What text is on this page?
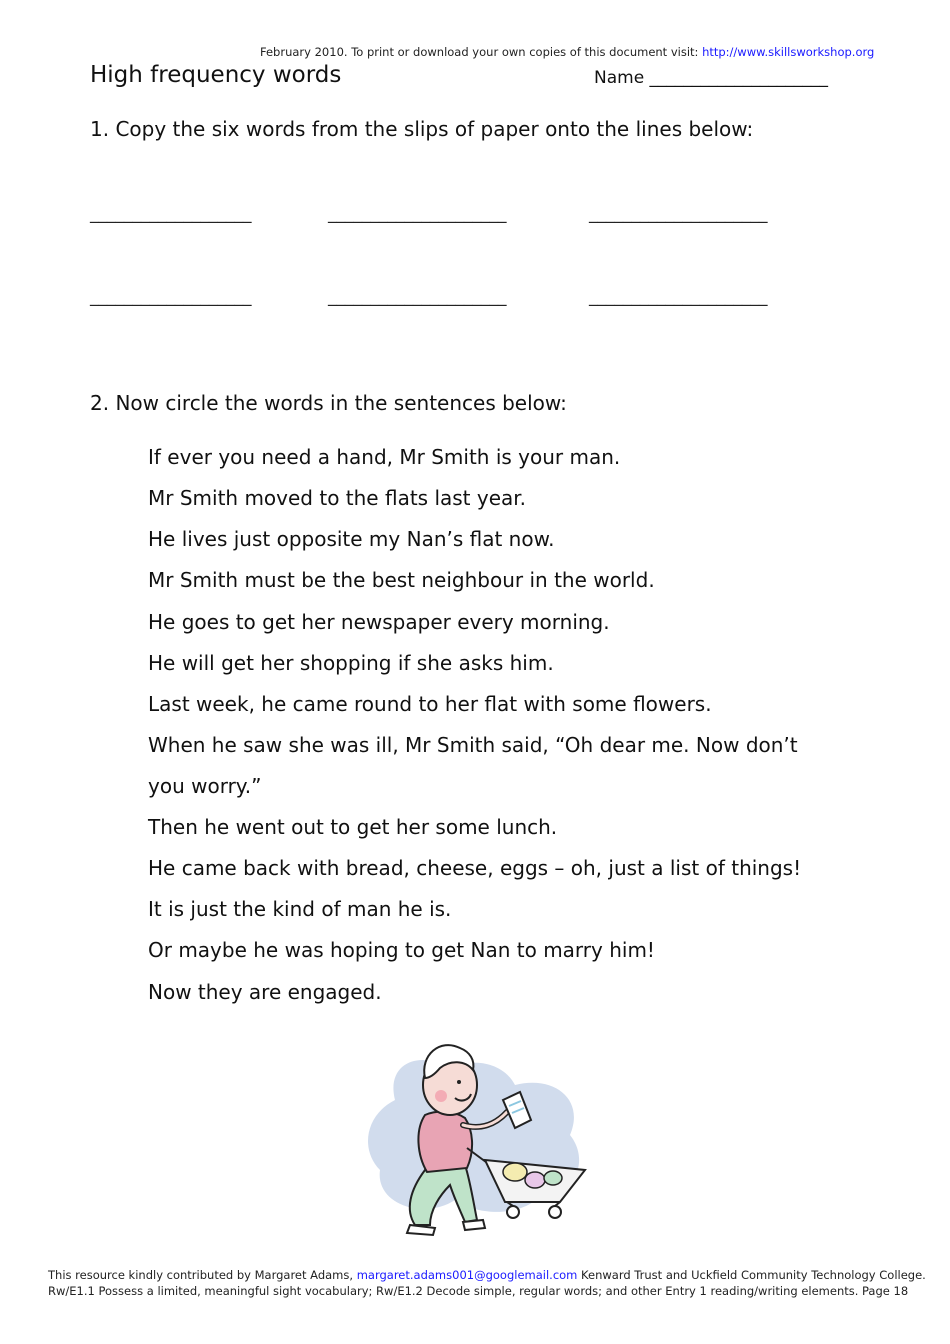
February 2010. To print or download your own copies of this document visit: http://www.skillsworkshop.org
High frequency words	Name _____________________
1. Copy the six words from the slips of paper onto the lines below:
___________________	_____________________	_____________________
___________________	_____________________	_____________________
2. Now circle the words in the sentences below:
If ever you need a hand, Mr Smith is your man.
Mr Smith moved to the flats last year.
He lives just opposite my Nan’s flat now.
Mr Smith must be the best neighbour in the world.
He goes to get her newspaper every morning.
He will get her shopping if she asks him.
Last week, he came round to her flat with some flowers.
When he saw she was ill, Mr Smith said, “Oh dear me. Now don’t
you worry.”
Then he went out to get her some lunch.
He came back with bread, cheese, eggs – oh, just a list of things!
It is just the kind of man he is.
Or maybe he was hoping to get Nan to marry him!
Now they are engaged.
This resource kindly contributed by Margaret Adams, margaret.adams001@googlemail.com Kenward Trust and Uckfield Community Technology College.
Rw/E1.1 Possess a limited, meaningful sight vocabulary; Rw/E1.2 Decode simple, regular words; and other Entry 1 reading/writing elements. Page 18
